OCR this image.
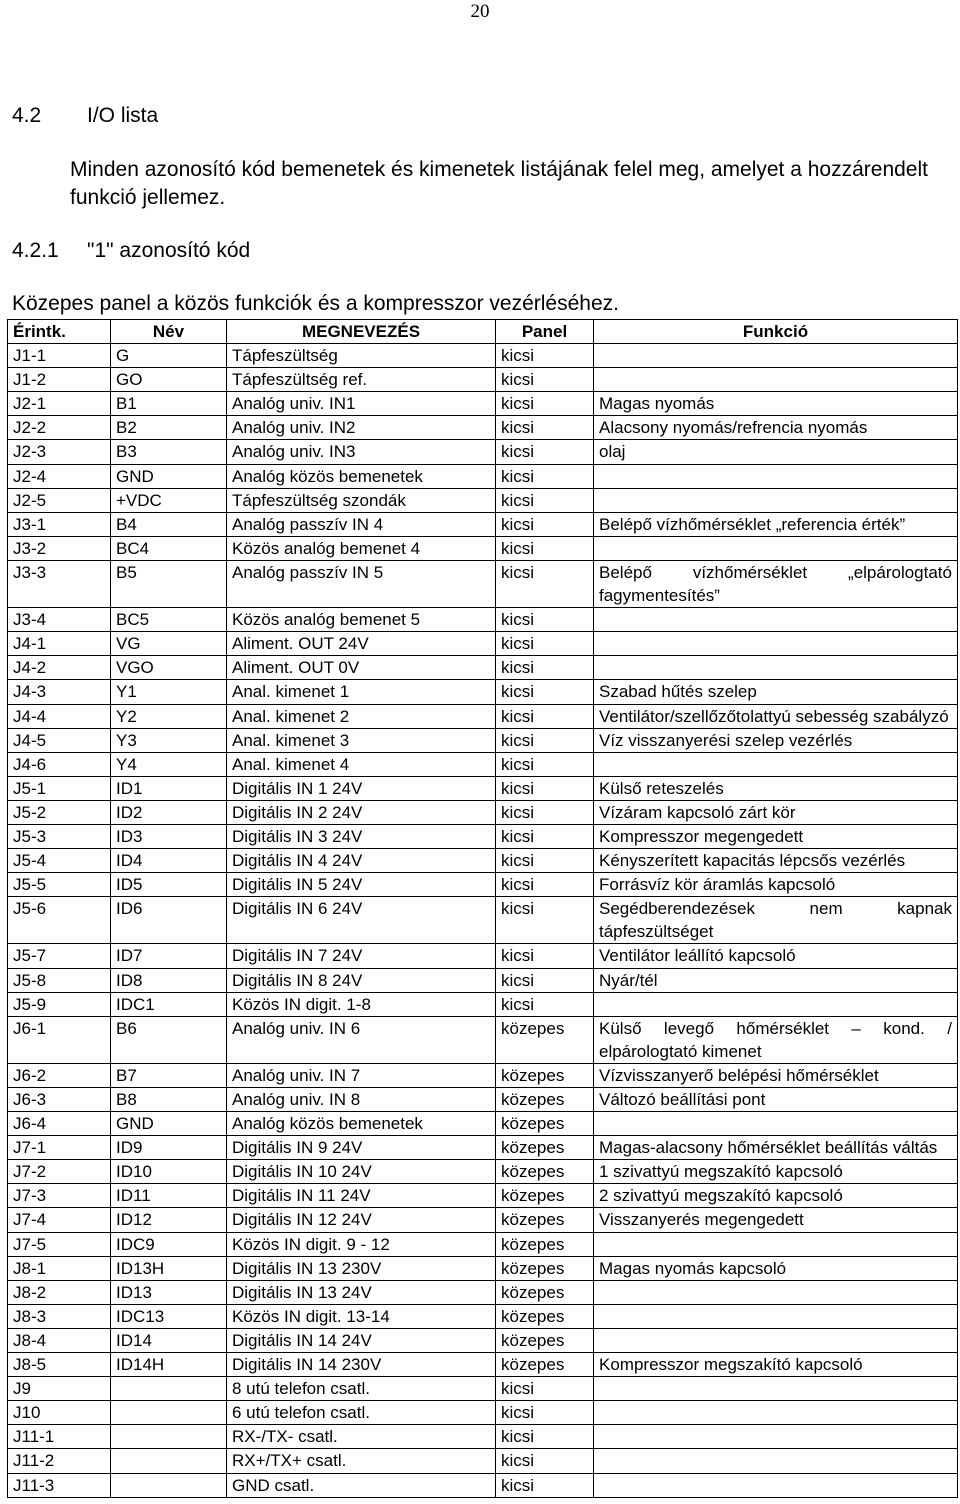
20
4.2 I/O lista
Minden azonosító kód bemenetek és kimenetek listájának felel meg, amelyet a hozzárendelt funkció jellemez.
4.2.1 "1" azonosító kód
Közepes panel a közös funkciók és a kompresszor vezérléséhez.
Érintk.	Név	MEGNEVEZÉS	Panel	Funkció
J1-1	G	Tápfeszültség	kicsi	
J1-2	GO	Tápfeszültség ref.	kicsi	
J2-1	B1	Analóg univ. IN1	kicsi	Magas nyomás
J2-2	B2	Analóg univ. IN2	kicsi	Alacsony nyomás/refrencia nyomás
J2-3	B3	Analóg univ. IN3	kicsi	olaj
J2-4	GND	Analóg közös bemenetek	kicsi	
J2-5	+VDC	Tápfeszültség szondák	kicsi	
J3-1	B4	Analóg passzív IN 4	kicsi	Belépő vízhőmérséklet „referencia érték”
J3-2	BC4	Közös analóg bemenet 4	kicsi	
J3-3	B5	Analóg passzív IN 5	kicsi	Belépő vízhőmérséklet „elpárologtató fagymentesítés”
J3-4	BC5	Közös analóg bemenet 5	kicsi	
J4-1	VG	Aliment. OUT 24V	kicsi	
J4-2	VGO	Aliment. OUT 0V	kicsi	
J4-3	Y1	Anal. kimenet 1	kicsi	Szabad hűtés szelep
J4-4	Y2	Anal. kimenet 2	kicsi	Ventilátor/szellőzőtolattyú sebesség szabályzó
J4-5	Y3	Anal. kimenet 3	kicsi	Víz visszanyerési szelep vezérlés
J4-6	Y4	Anal. kimenet 4	kicsi	
J5-1	ID1	Digitális IN 1 24V	kicsi	Külső reteszelés
J5-2	ID2	Digitális IN 2 24V	kicsi	Vízáram kapcsoló zárt kör
J5-3	ID3	Digitális IN 3 24V	kicsi	Kompresszor megengedett
J5-4	ID4	Digitális IN 4 24V	kicsi	Kényszerített kapacitás lépcsős vezérlés
J5-5	ID5	Digitális IN 5 24V	kicsi	Forrásvíz kör áramlás kapcsoló
J5-6	ID6	Digitális IN 6 24V	kicsi	Segédberendezések nem kapnak tápfeszültséget
J5-7	ID7	Digitális IN 7 24V	kicsi	Ventilátor leállító kapcsoló
J5-8	ID8	Digitális IN 8 24V	kicsi	Nyár/tél
J5-9	IDC1	Közös IN digit. 1-8	kicsi	
J6-1	B6	Analóg univ. IN 6	közepes	Külső levegő hőmérséklet – kond. / elpárologtató kimenet
J6-2	B7	Analóg univ. IN 7	közepes	Vízvisszanyerő belépési hőmérséklet
J6-3	B8	Analóg univ. IN 8	közepes	Változó beállítási pont
J6-4	GND	Analóg közös bemenetek	közepes	
J7-1	ID9	Digitális IN 9 24V	közepes	Magas-alacsony hőmérséklet beállítás váltás
J7-2	ID10	Digitális IN 10 24V	közepes	1 szivattyú megszakító kapcsoló
J7-3	ID11	Digitális IN 11 24V	közepes	2 szivattyú megszakító kapcsoló
J7-4	ID12	Digitális IN 12 24V	közepes	Visszanyerés megengedett
J7-5	IDC9	Közös IN digit. 9 - 12	közepes	
J8-1	ID13H	Digitális IN 13 230V	közepes	Magas nyomás kapcsoló
J8-2	ID13	Digitális IN 13 24V	közepes	
J8-3	IDC13	Közös IN digit. 13-14	közepes	
J8-4	ID14	Digitális IN 14 24V	közepes	
J8-5	ID14H	Digitális IN 14 230V	közepes	Kompresszor megszakító kapcsoló
J9		8 utú telefon csatl.	kicsi	
J10		6 utú telefon csatl.	kicsi	
J11-1		RX-/TX- csatl.	kicsi	
J11-2		RX+/TX+ csatl.	kicsi	
J11-3		GND csatl.	kicsi	
